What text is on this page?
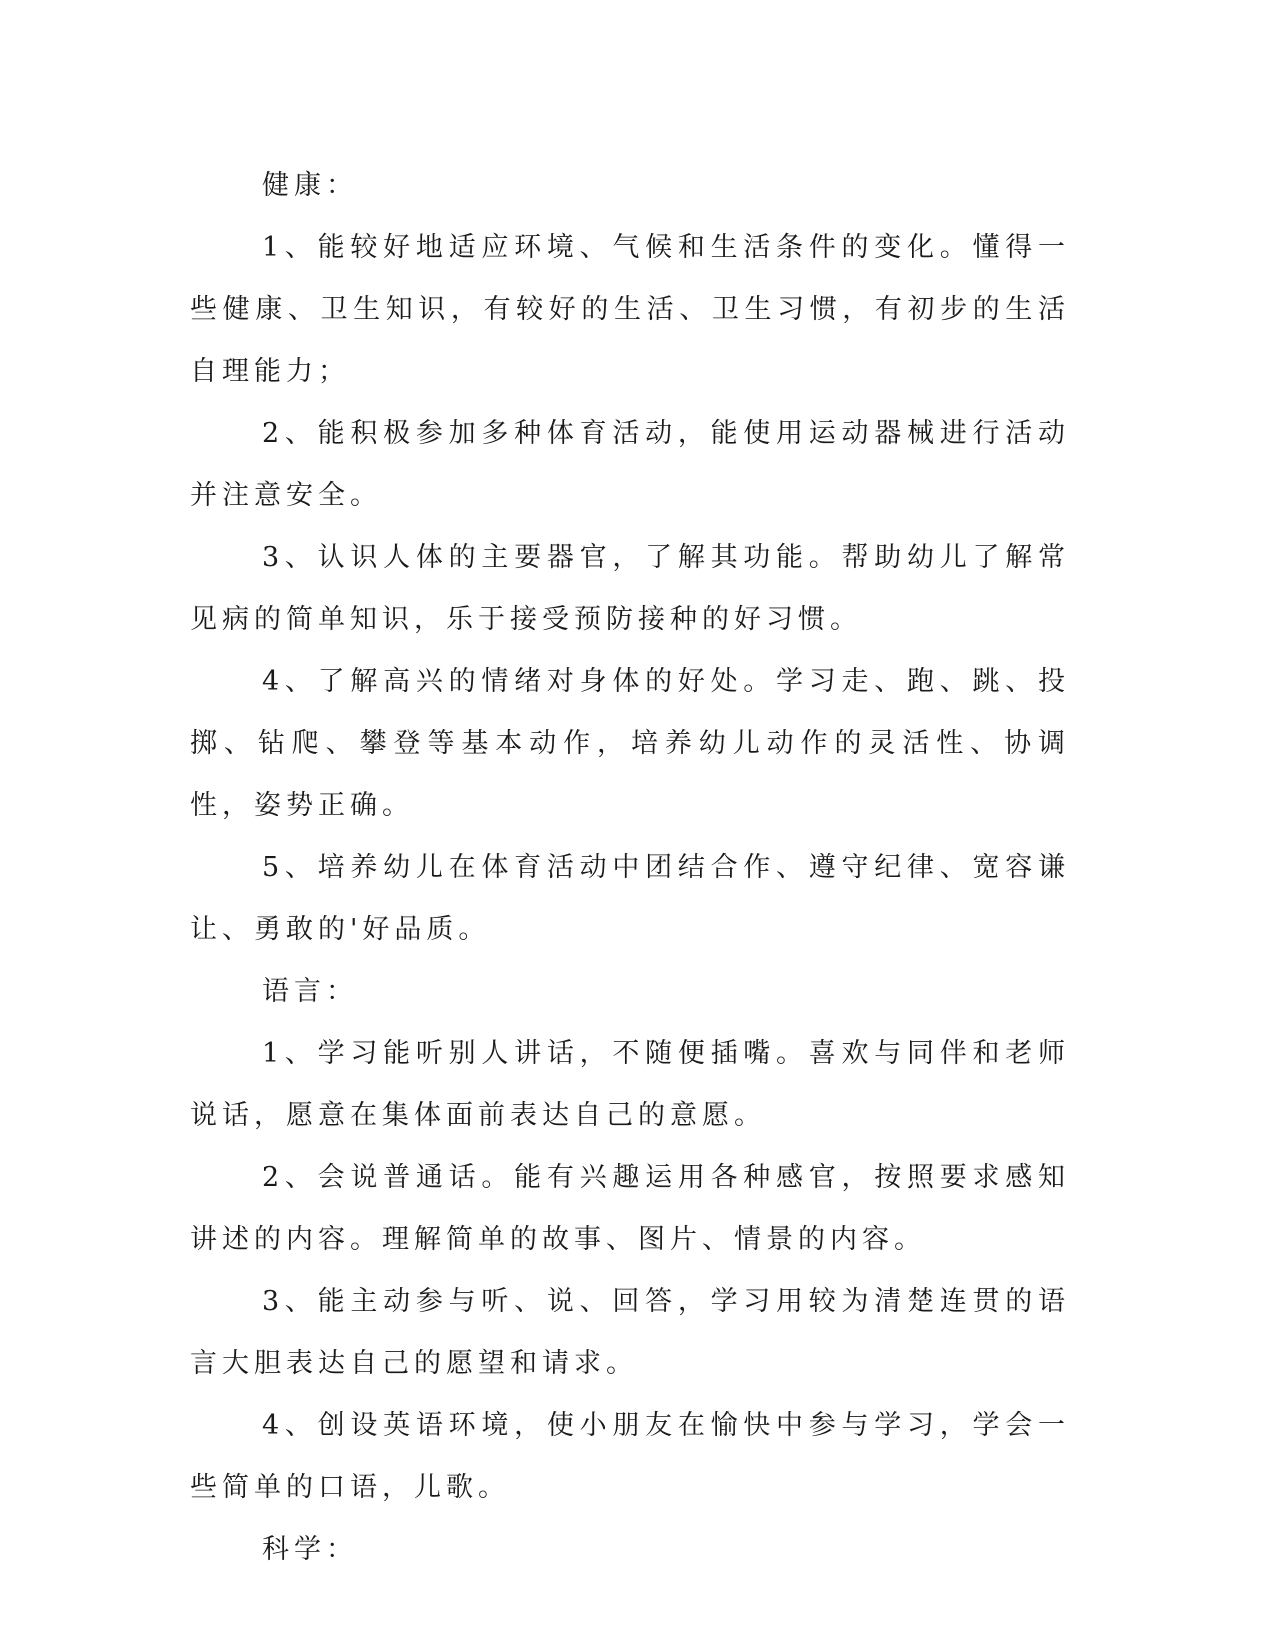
健康：

1、能较好地适应环境、气候和生活条件的变化。懂得一些健康、卫生知识，有较好的生活、卫生习惯，有初步的生活自理能力；

2、能积极参加多种体育活动，能使用运动器械进行活动并注意安全。

3、认识人体的主要器官，了解其功能。帮助幼儿了解常见病的简单知识，乐于接受预防接种的好习惯。

4、了解高兴的情绪对身体的好处。学习走、跑、跳、投掷、钻爬、攀登等基本动作，培养幼儿动作的灵活性、协调性，姿势正确。

5、培养幼儿在体育活动中团结合作、遵守纪律、宽容谦让、勇敢的'好品质。

语言：

1、学习能听别人讲话，不随便插嘴。喜欢与同伴和老师说话，愿意在集体面前表达自己的意愿。

2、会说普通话。能有兴趣运用各种感官，按照要求感知讲述的内容。理解简单的故事、图片、情景的内容。

3、能主动参与听、说、回答，学习用较为清楚连贯的语言大胆表达自己的愿望和请求。

4、创设英语环境，使小朋友在愉快中参与学习，学会一些简单的口语，儿歌。

科学：
